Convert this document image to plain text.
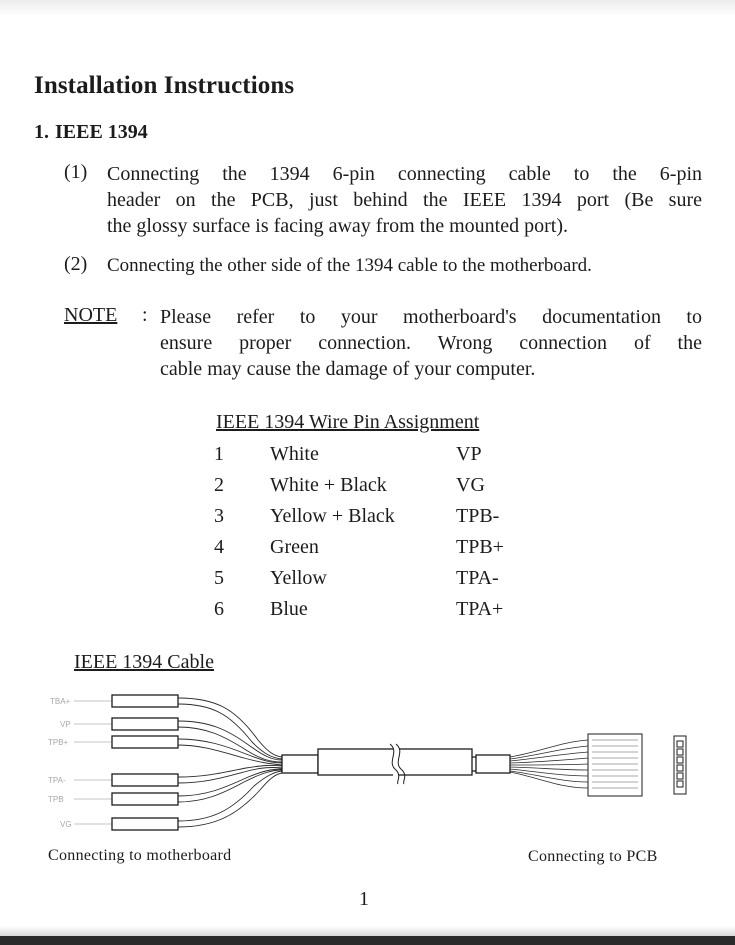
Installation Instructions
1. IEEE 1394
(1) Connecting the 1394 6-pin connecting cable to the 6-pin
header on the PCB, just behind the IEEE 1394 port (Be sure
the glossy surface is facing away from the mounted port).
(2) Connecting the other side of the 1394 cable to the motherboard.
NOTE : Please refer to your motherboard's documentation to
ensure proper connection. Wrong connection of the
cable may cause the damage of your computer.
IEEE 1394 Wire Pin Assignment
1 White	VP
2 White + Black	VG
3 Yellow + Black	TPB-
4 Green	TPB+
5 Yellow	TPA-
6 Blue	TPA+
IEEE 1394 Cable
TBA+
VP
TPB+
TPA-
TPB
VG
Connecting to motherboard	Connecting to PCB
1
